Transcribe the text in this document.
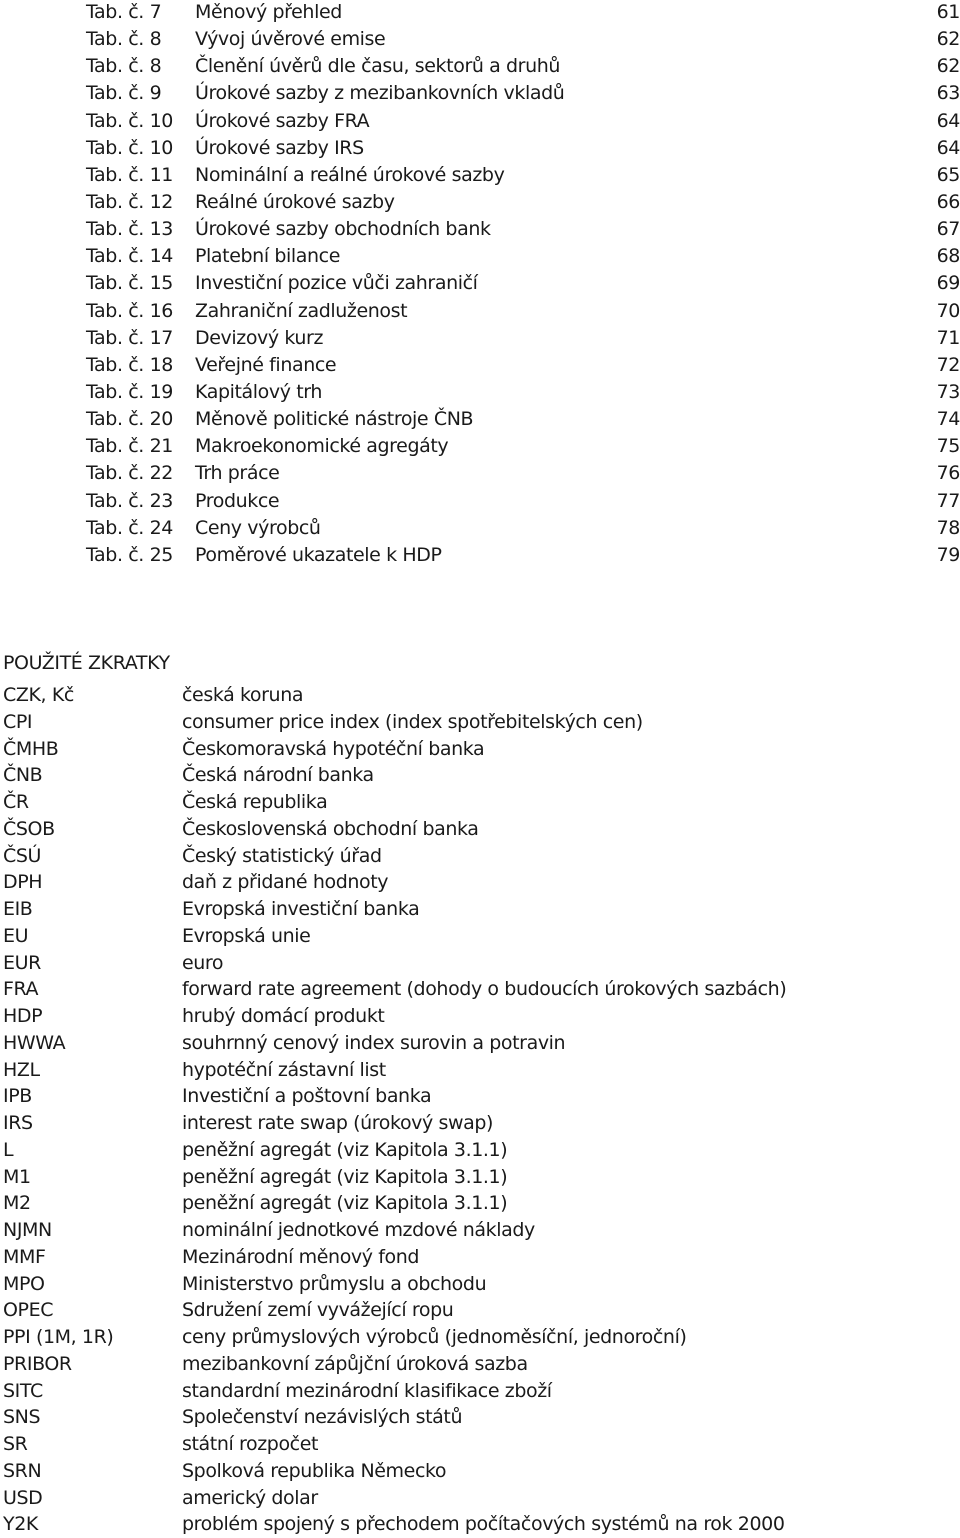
Tab. č. 7 Měnový přehled	61
Tab. č. 8 Vývoj úvěrové emise	62
Tab. č. 8 Členění úvěrů dle času, sektorů a druhů	62
Tab. č. 9 Úrokové sazby z mezibankovních vkladů	63
Tab. č. 10 Úrokové sazby FRA	64
Tab. č. 10 Úrokové sazby IRS	64
Tab. č. 11 Nominální a reálné úrokové sazby	65
Tab. č. 12 Reálné úrokové sazby	66
Tab. č. 13 Úrokové sazby obchodních bank	67
Tab. č. 14 Platební bilance	68
Tab. č. 15 Investiční pozice vůči zahraničí	69
Tab. č. 16 Zahraniční zadluženost	70
Tab. č. 17 Devizový kurz	71
Tab. č. 18 Veřejné finance	72
Tab. č. 19 Kapitálový trh	73
Tab. č. 20 Měnově politické nástroje ČNB	74
Tab. č. 21 Makroekonomické agregáty	75
Tab. č. 22 Trh práce	76
Tab. č. 23 Produkce	77
Tab. č. 24 Ceny výrobců	78
Tab. č. 25 Poměrové ukazatele k HDP	79
POUŽITÉ ZKRATKY
CZK, Kč	česká koruna
CPI	consumer price index (index spotřebitelských cen)
ČMHB	Českomoravská hypotéční banka
ČNB	Česká národní banka
ČR	Česká republika
ČSOB	Československá obchodní banka
ČSÚ	Český statistický úřad
DPH	daň z přidané hodnoty
EIB	Evropská investiční banka
EU	Evropská unie
EUR	euro
FRA	forward rate agreement (dohody o budoucích úrokových sazbách)
HDP	hrubý domácí produkt
HWWA	souhrnný cenový index surovin a potravin
HZL	hypotéční zástavní list
IPB	Investiční a poštovní banka
IRS	interest rate swap (úrokový swap)
L	peněžní agregát (viz Kapitola 3.1.1)
M1	peněžní agregát (viz Kapitola 3.1.1)
M2	peněžní agregát (viz Kapitola 3.1.1)
NJMN	nominální jednotkové mzdové náklady
MMF	Mezinárodní měnový fond
MPO	Ministerstvo průmyslu a obchodu
OPEC	Sdružení zemí vyvážející ropu
PPI (1M, 1R)	ceny průmyslových výrobců (jednoměsíční, jednoroční)
PRIBOR	mezibankovní zápůjční úroková sazba
SITC	standardní mezinárodní klasifikace zboží
SNS	Společenství nezávislých států
SR	státní rozpočet
SRN	Spolková republika Německo
USD	americký dolar
Y2K	problém spojený s přechodem počítačových systémů na rok 2000
